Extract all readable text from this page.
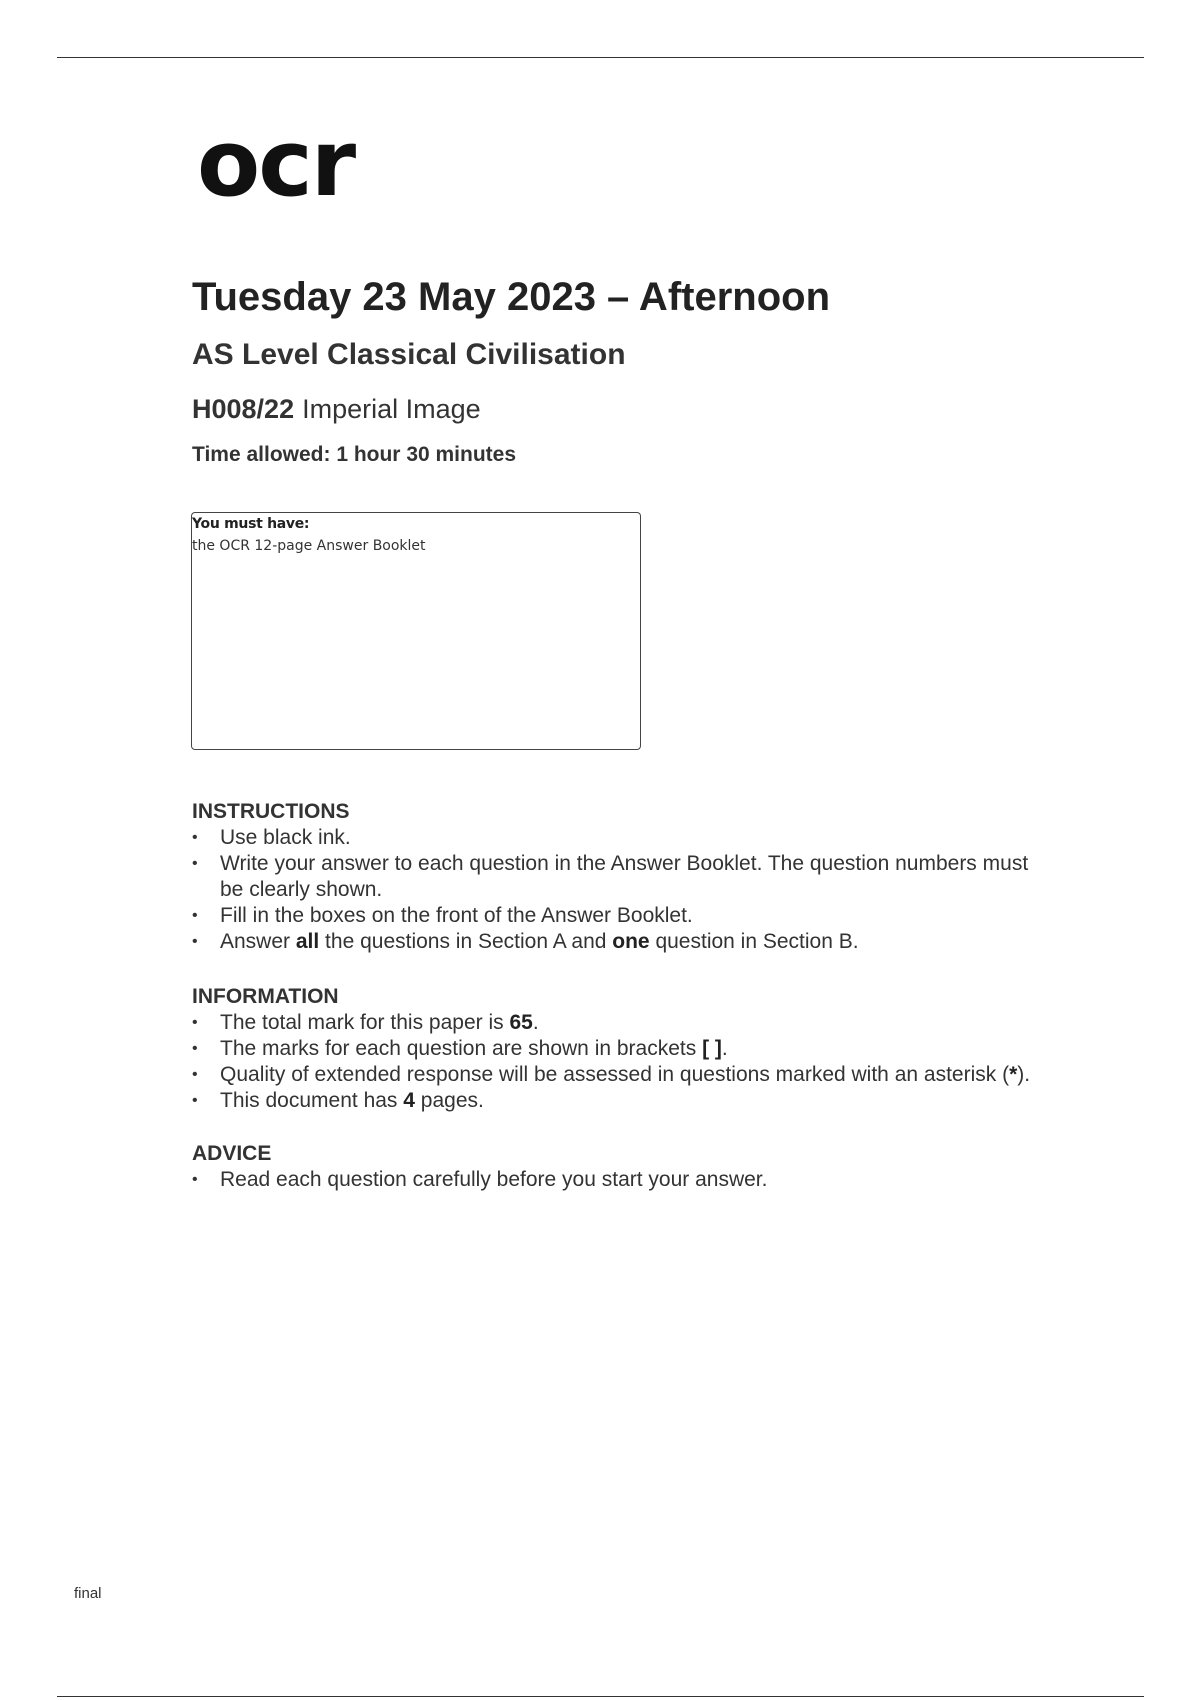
ocr
Tuesday 23 May 2023 – Afternoon
AS Level Classical Civilisation
H008/22 Imperial Image
Time allowed: 1 hour 30 minutes
You must have:
the OCR 12-page Answer Booklet
INSTRUCTIONS
• Use black ink.
• Write your answer to each question in the Answer Booklet. The question numbers must be clearly shown.
• Fill in the boxes on the front of the Answer Booklet.
• Answer all the questions in Section A and one question in Section B.
INFORMATION
• The total mark for this paper is 65.
• The marks for each question are shown in brackets [ ].
• Quality of extended response will be assessed in questions marked with an asterisk (*).
• This document has 4 pages.
ADVICE
• Read each question carefully before you start your answer.
final
